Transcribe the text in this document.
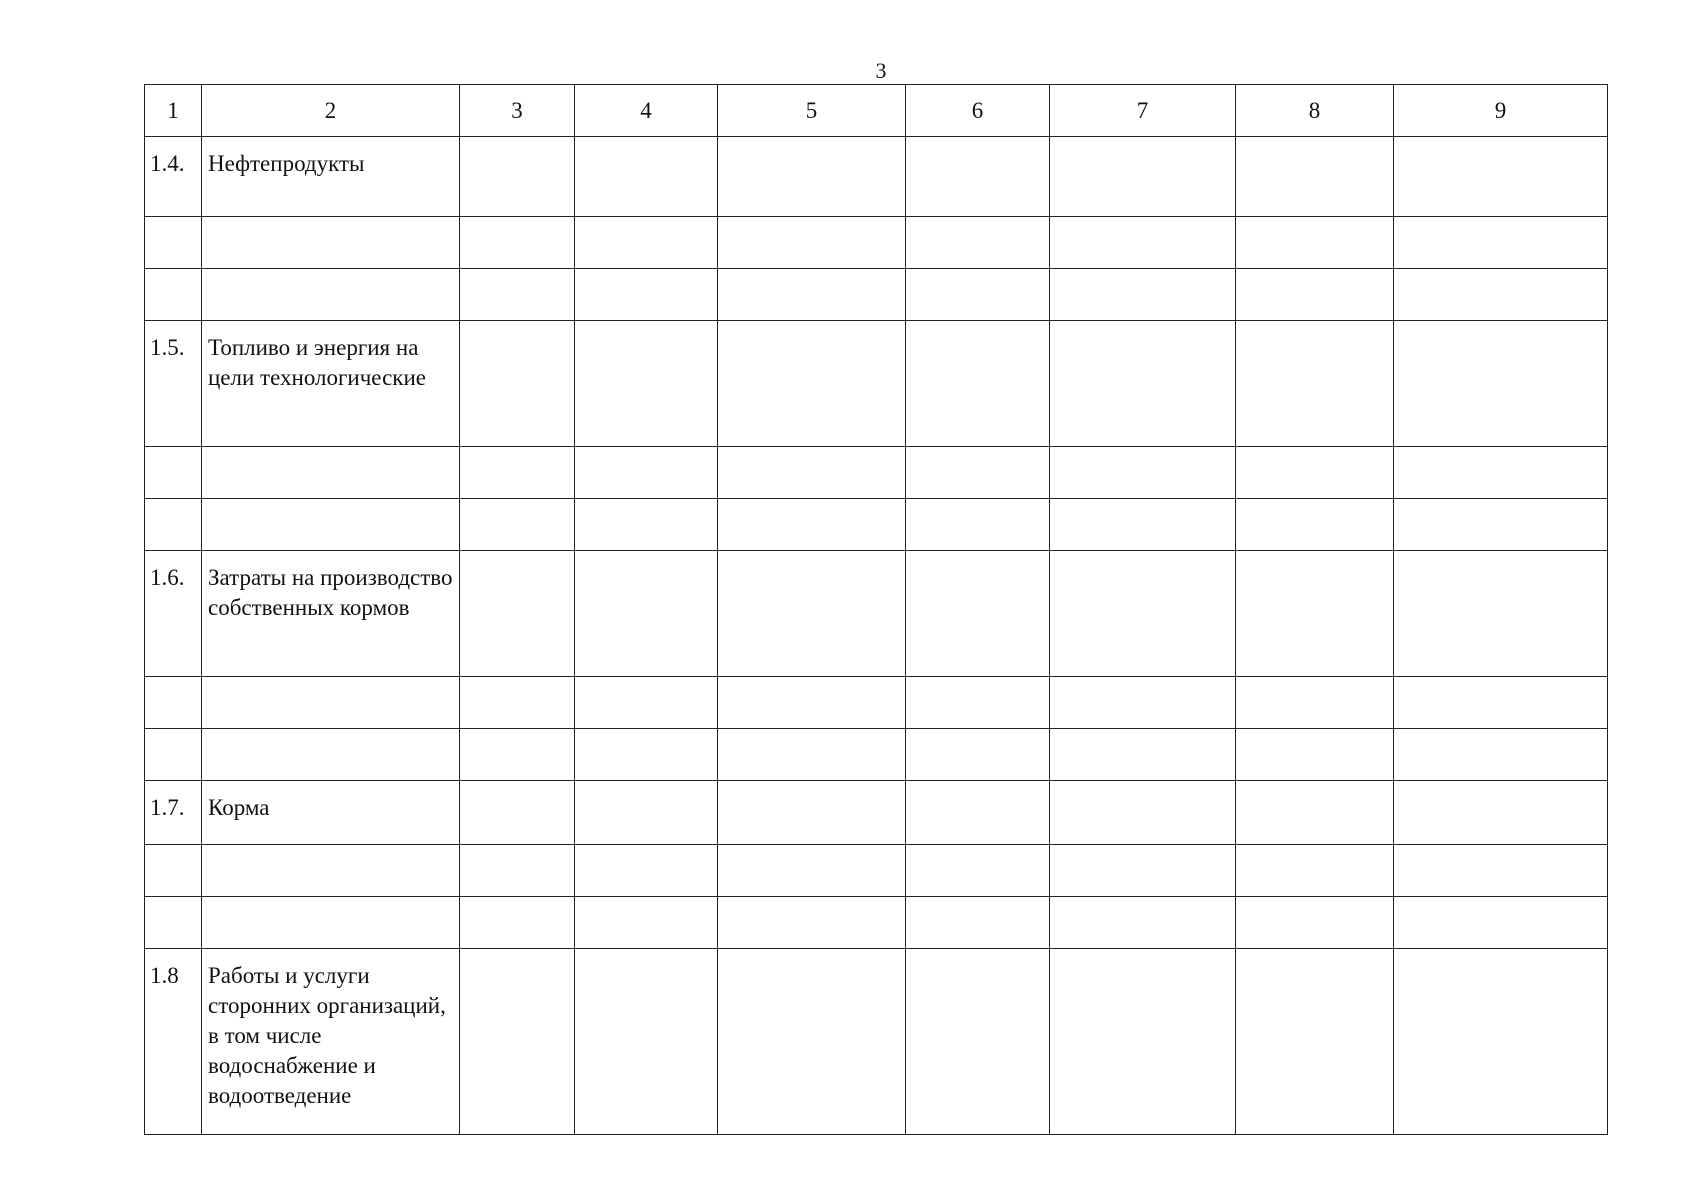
3
1	2	3	4	5	6	7	8	9
1.4.	Нефтепродукты							

1.5.	Топливо и энергия на цели технологические							

1.6.	Затраты на производство собственных кормов							

1.7.	Корма							

1.8	Работы и услуги сторонних организаций, в том числе водоснабжение и водоотведение							
